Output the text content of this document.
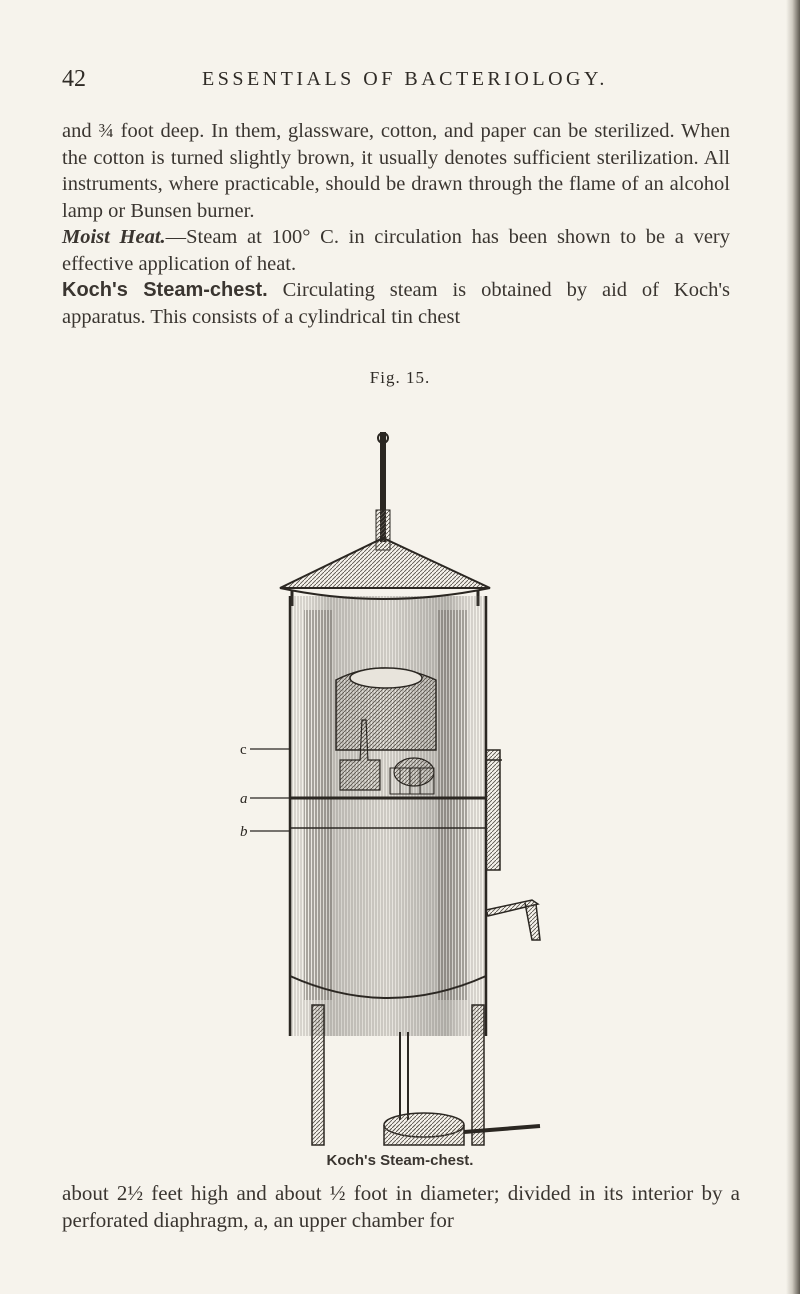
42	ESSENTIALS OF BACTERIOLOGY.

and ¾ foot deep. In them, glassware, cotton, and paper can be sterilized. When the cotton is turned slightly brown, it usually denotes sufficient sterilization. All instruments, where practicable, should be drawn through the flame of an alcohol lamp or Bunsen burner.

Moist Heat.—Steam at 100° C. in circulation has been shown to be a very effective application of heat.

Koch's Steam-chest. Circulating steam is obtained by aid of Koch's apparatus. This consists of a cylindrical tin chest

Fig. 15.
c
a
b
Koch's Steam-chest.
about 2½ feet high and about ½ foot in diameter; divided in its interior by a perforated diaphragm, a, an upper chamber for
